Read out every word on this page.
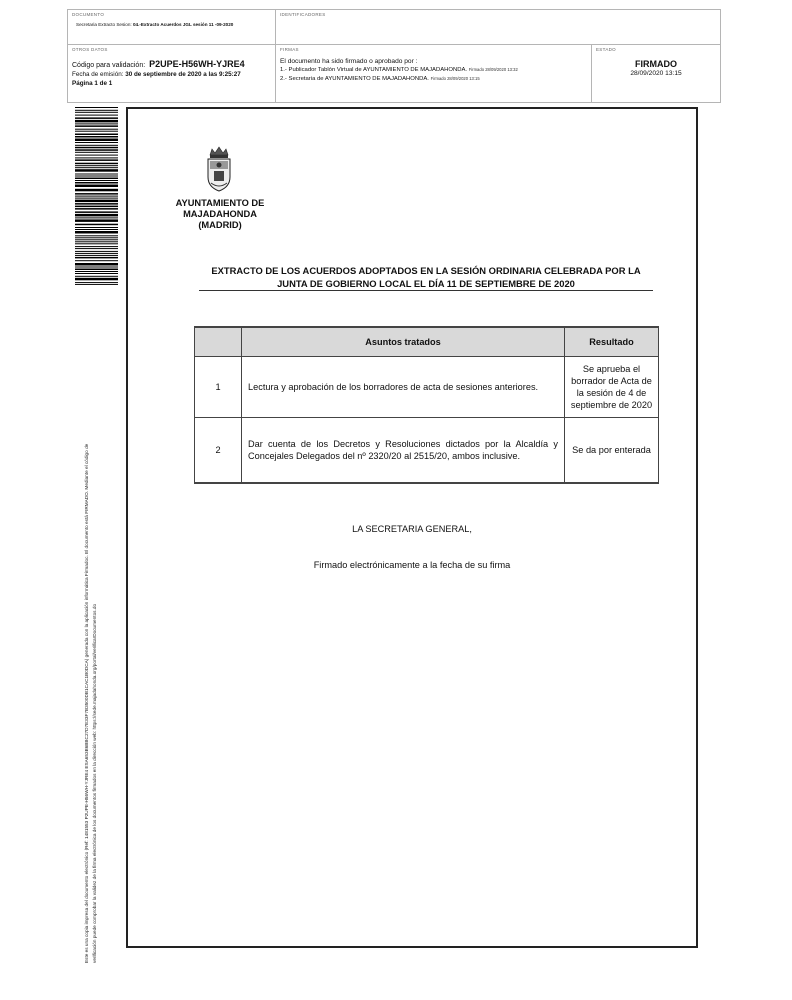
DOCUMENTO
Secretaria Extracto Sesion: 04.-Extracto Acuerdos JGL sesión 11 -09-2020
IDENTIFICADORES
OTROS DATOS
Código para validación: P2UPE-H56WH-YJRE4
Fecha de emisión: 30 de septiembre de 2020 a las 9:25:27
Página 1 de 1
FIRMAS
El documento ha sido firmado o aprobado por :
1.- Publicador Tablón Virtual de AYUNTAMIENTO DE MAJADAHONDA. Firmado 28/09/2020 13:32
2.- Secretaria de AYUNTAMIENTO DE MAJADAHONDA. Firmado 28/09/2020 13:15
ESTADO
FIRMADO
28/09/2020 13:15
Este es una copia impresa del documento electrónico (Ref: 1481553 P2UPE-H56WH-YJRE4 ESA653B6BBC27D7E33F7B3500DB1CAC1B0DCA) generada con la aplicación informática Firmadoc. El documento está FIRMADO. Mediante el código de verificación puede comprobar la validez de la firma electrónica de los documentos firmados en la dirección web: https://sede.majadahonda.org/portal/verificarDocumentos.do
AYUNTAMIENTO DE
MAJADAHONDA
(MADRID)
EXTRACTO DE LOS ACUERDOS ADOPTADOS EN LA SESIÓN ORDINARIA CELEBRADA POR LA
JUNTA DE GOBIERNO LOCAL EL DÍA 11 DE SEPTIEMBRE DE 2020
	Asuntos tratados	Resultado
1	Lectura y aprobación de los borradores de acta de sesiones anteriores.	Se aprueba el borrador de Acta de la sesión de 4 de septiembre de 2020
2	Dar cuenta de los Decretos y Resoluciones dictados por la Alcaldía y Concejales Delegados del nº 2320/20 al 2515/20, ambos inclusive.	Se da por enterada
LA SECRETARIA GENERAL,
Firmado electrónicamente a la fecha de su firma
